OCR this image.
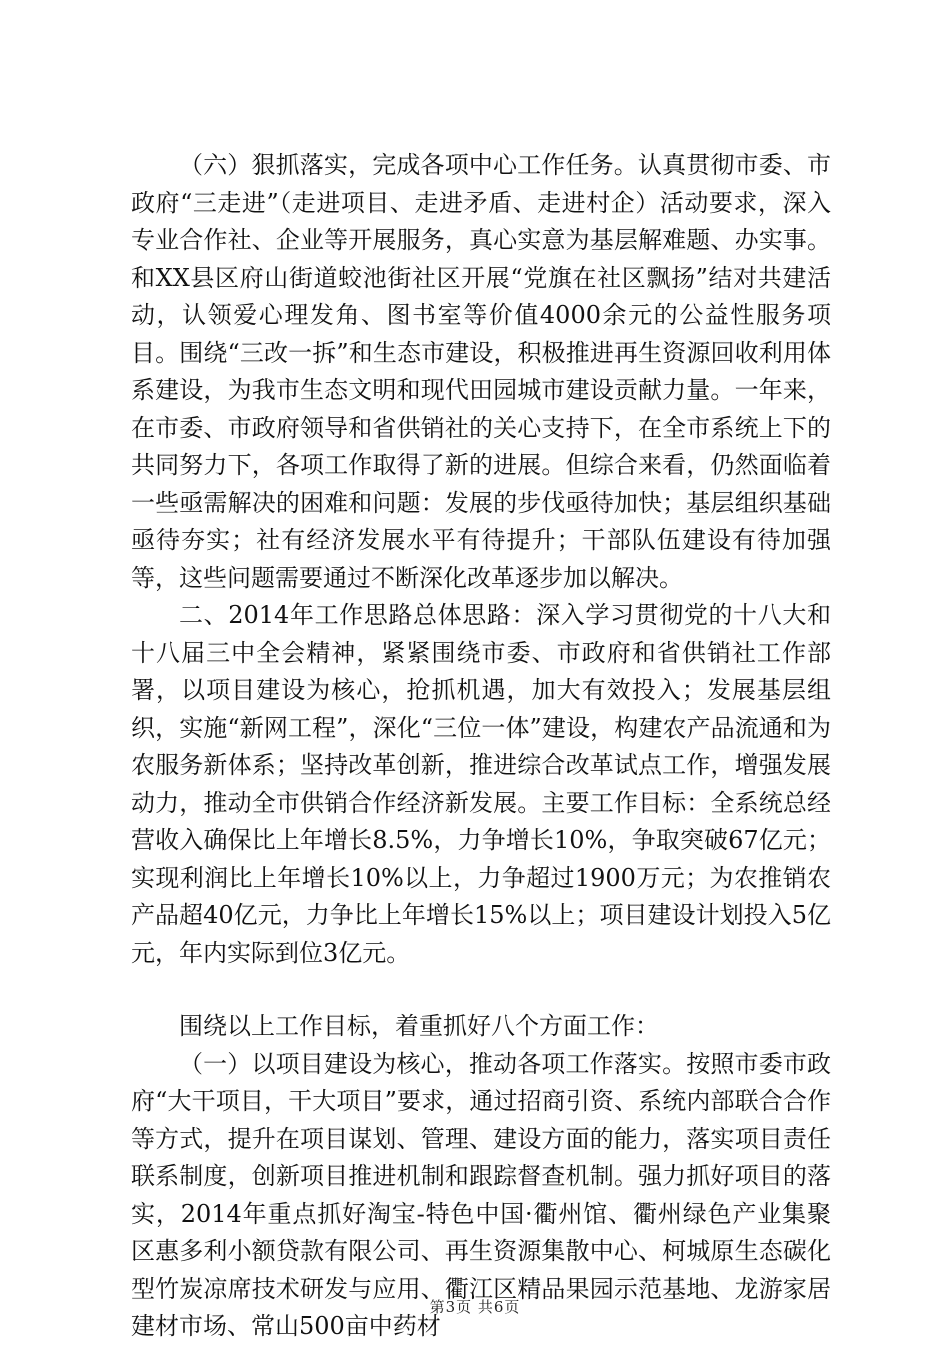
（六）狠抓落实，完成各项中心工作任务。认真贯彻市委、市政府“三走进”（走进项目、走进矛盾、走进村企）活动要求，深入专业合作社、企业等开展服务，真心实意为基层解难题、办实事。和XX县区府山街道蛟池街社区开展“党旗在社区飘扬”结对共建活动，认领爱心理发角、图书室等价值4000余元的公益性服务项目。围绕“三改一拆”和生态市建设，积极推进再生资源回收利用体系建设，为我市生态文明和现代田园城市建设贡献力量。一年来，在市委、市政府领导和省供销社的关心支持下，在全市系统上下的共同努力下，各项工作取得了新的进展。但综合来看，仍然面临着一些亟需解决的困难和问题：发展的步伐亟待加快；基层组织基础亟待夯实；社有经济发展水平有待提升；干部队伍建设有待加强等，这些问题需要通过不断深化改革逐步加以解决。

二、2014年工作思路总体思路：深入学习贯彻党的十八大和十八届三中全会精神，紧紧围绕市委、市政府和省供销社工作部署，以项目建设为核心，抢抓机遇，加大有效投入；发展基层组织，实施“新网工程”，深化“三位一体”建设，构建农产品流通和为农服务新体系；坚持改革创新，推进综合改革试点工作，增强发展动力，推动全市供销合作经济新发展。主要工作目标：全系统总经营收入确保比上年增长8.5%，力争增长10%，争取突破67亿元；实现利润比上年增长10%以上，力争超过1900万元；为农推销农产品超40亿元，力争比上年增长15%以上；项目建设计划投入5亿元，年内实际到位3亿元。

围绕以上工作目标，着重抓好八个方面工作：

（一）以项目建设为核心，推动各项工作落实。按照市委市政府“大干项目，干大项目”要求，通过招商引资、系统内部联合合作等方式，提升在项目谋划、管理、建设方面的能力，落实项目责任联系制度，创新项目推进机制和跟踪督查机制。强力抓好项目的落实，2014年重点抓好淘宝-特色中国·衢州馆、衢州绿色产业集聚区惠多利小额贷款有限公司、再生资源集散中心、柯城原生态碳化型竹炭凉席技术研发与应用、衢江区精品果园示范基地、龙游家居建材市场、常山500亩中药材

第3页 共6页
